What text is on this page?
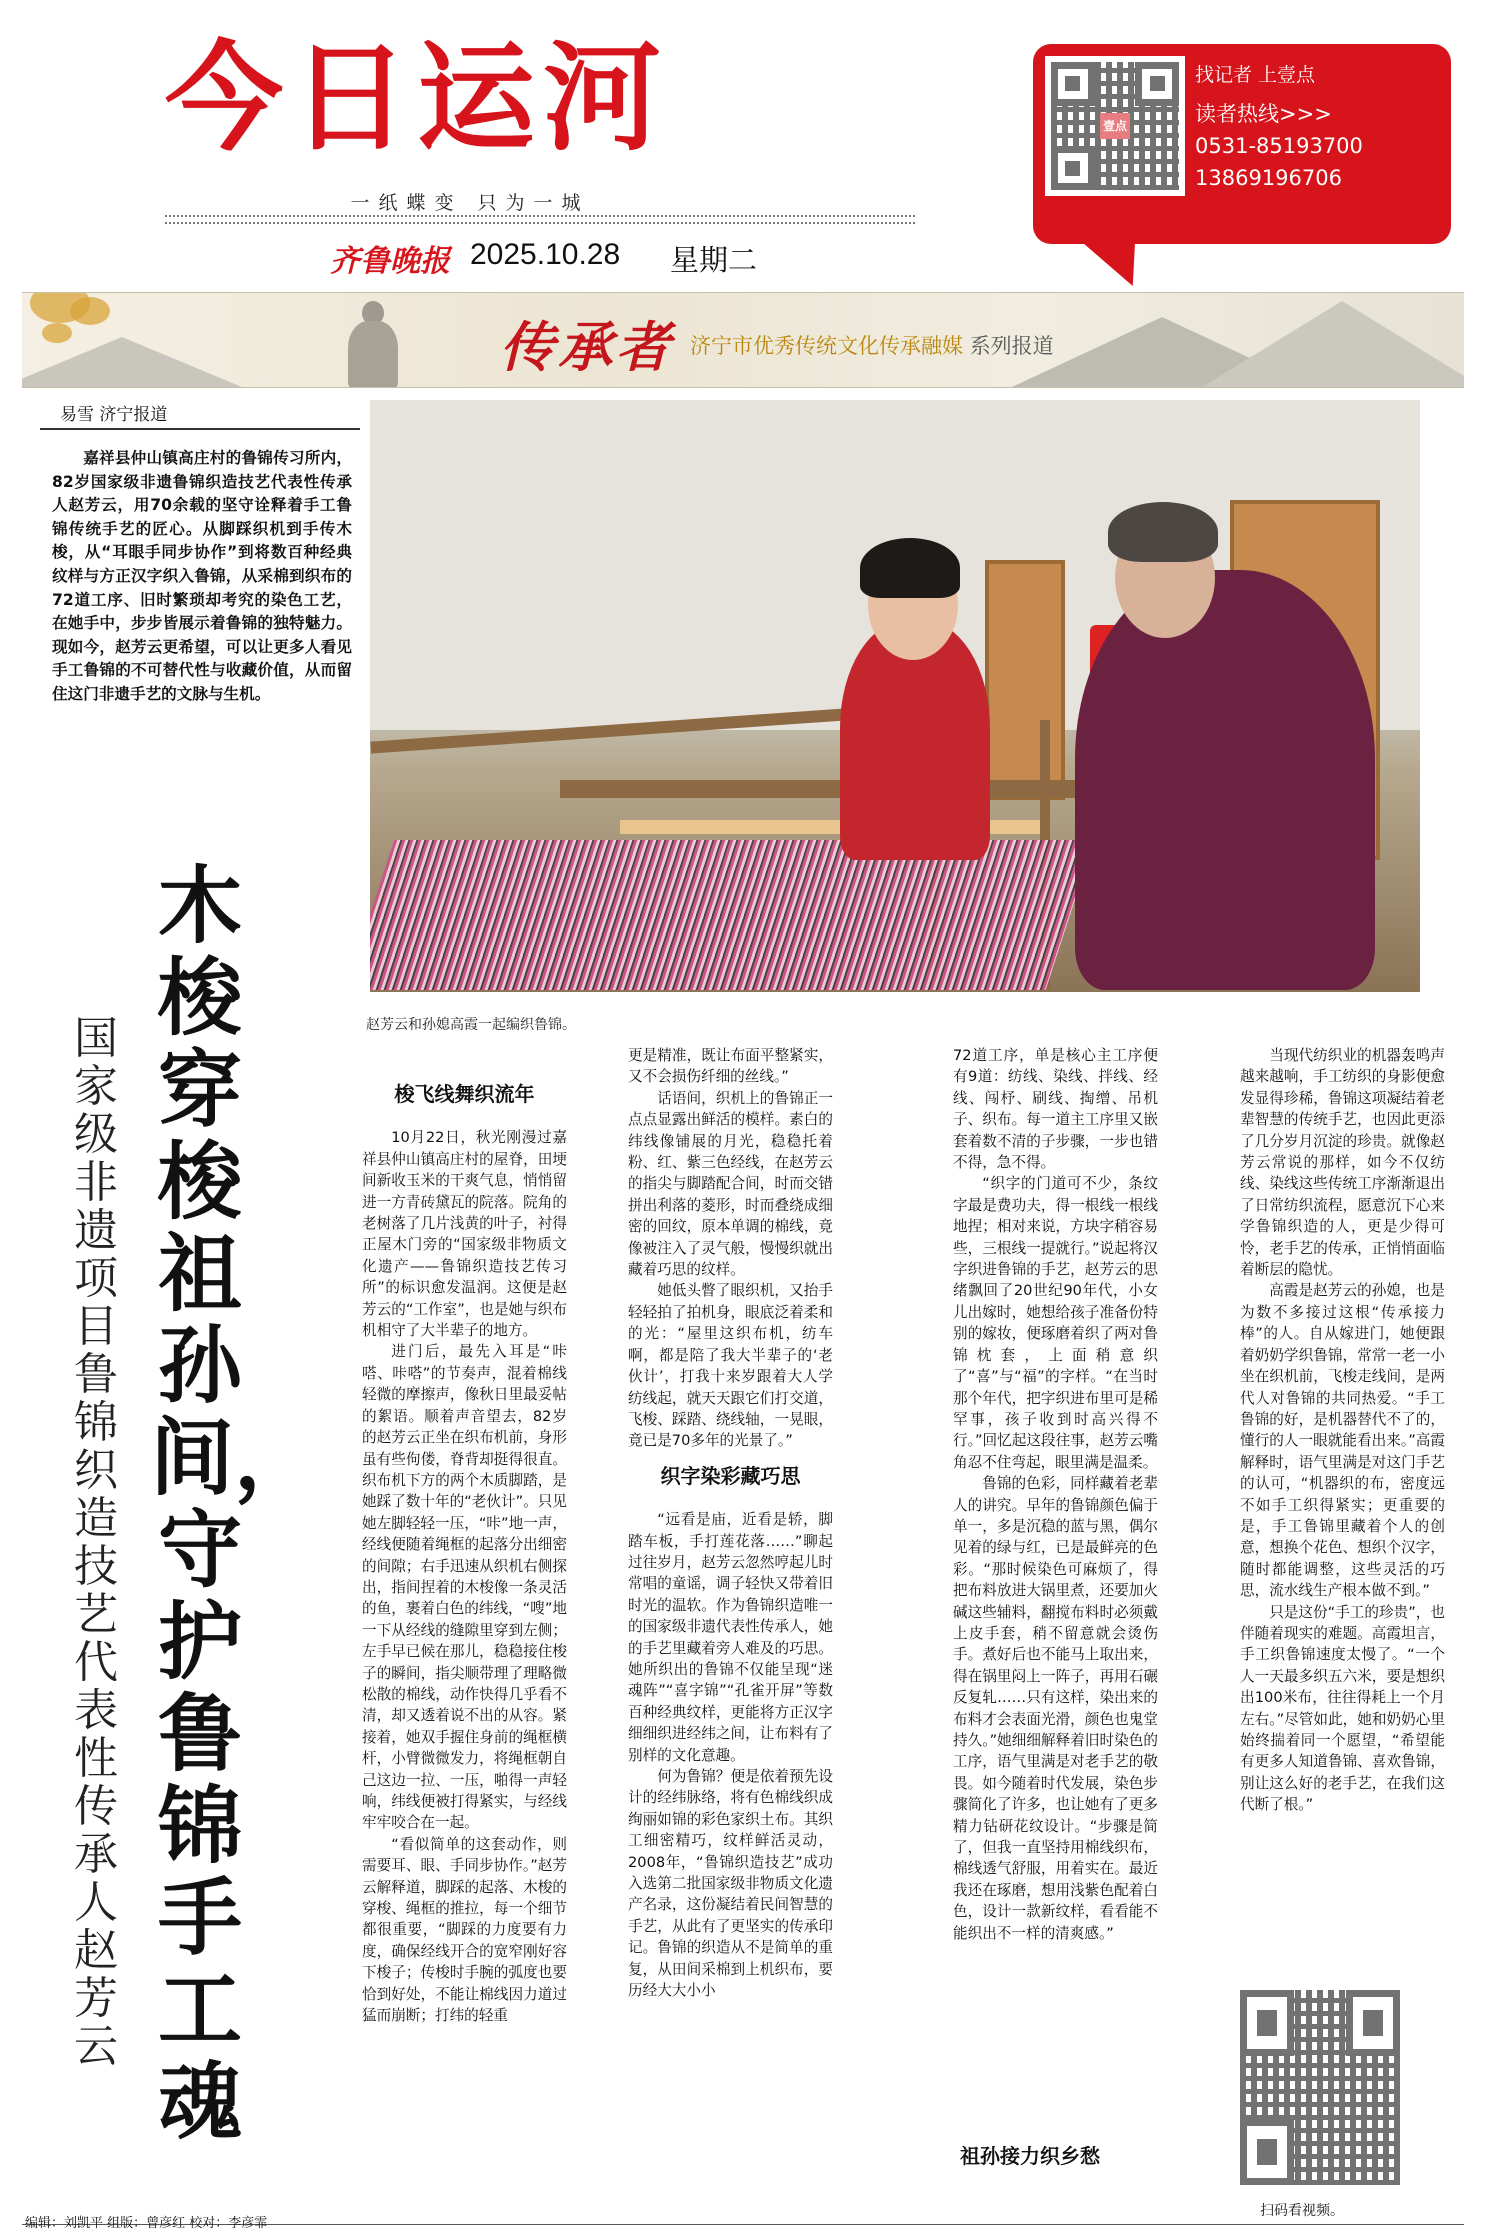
今日运河
一纸蝶变 只为一城
齐鲁晚报 2025.10.28 星期二
壹点
找记者 上壹点
读者热线>>>
0531-85193700
13869196706
传承者 济宁市优秀传统文化传承融媒 系列报道
易雪 济宁报道
嘉祥县仲山镇高庄村的鲁锦传习所内，82岁国家级非遗鲁锦织造技艺代表性传承人赵芳云，用70余载的坚守诠释着手工鲁锦传统手艺的匠心。从脚踩织机到手传木梭，从“耳眼手同步协作”到将数百种经典纹样与方正汉字织入鲁锦，从采棉到织布的72道工序、旧时繁琐却考究的染色工艺，在她手中，步步皆展示着鲁锦的独特魅力。现如今，赵芳云更希望，可以让更多人看见手工鲁锦的不可替代性与收藏价值，从而留住这门非遗手艺的文脉与生机。
赵芳云和孙媳高霞一起编织鲁锦。
木梭穿梭祖孙间，守护鲁锦手工魂
国家级非遗项目鲁锦织造技艺代表性传承人赵芳云
梭飞线舞织流年

10月22日，秋光刚漫过嘉祥县仲山镇高庄村的屋脊，田埂间新收玉米的干爽气息，悄悄留进一方青砖黛瓦的院落。院角的老树落了几片浅黄的叶子，衬得正屋木门旁的“国家级非物质文化遗产——鲁锦织造技艺传习所”的标识愈发温润。这便是赵芳云的“工作室”，也是她与织布机相守了大半辈子的地方。

进门后，最先入耳是“咔嗒、咔嗒”的节奏声，混着棉线轻微的摩擦声，像秋日里最妥帖的絮语。顺着声音望去，82岁的赵芳云正坐在织布机前，身形虽有些佝偻，脊背却挺得很直。织布机下方的两个木质脚踏，是她踩了数十年的“老伙计”。只见她左脚轻轻一压，“咔”地一声，经线便随着绳框的起落分出细密的间隙；右手迅速从织机右侧探出，指间捏着的木梭像一条灵活的鱼，裹着白色的纬线，“嗖”地一下从经线的缝隙里穿到左侧；左手早已候在那儿，稳稳接住梭子的瞬间，指尖顺带理了理略微松散的棉线，动作快得几乎看不清，却又透着说不出的从容。紧接着，她双手握住身前的绳框横杆，小臂微微发力，将绳框朝自己这边一拉、一压，啪得一声轻响，纬线便被打得紧实，与经线牢牢咬合在一起。

“看似简单的这套动作，则需要耳、眼、手同步协作。”赵芳云解释道，脚踩的起落、木梭的穿梭、绳框的推拉，每一个细节都很重要，“脚踩的力度要有力度，确保经线开合的宽窄刚好容下梭子；传梭时手腕的弧度也要恰到好处，不能让棉线因力道过猛而崩断；打纬的轻重

更是精准，既让布面平整紧实，又不会损伤纤细的丝线。”

话语间，织机上的鲁锦正一点点显露出鲜活的模样。素白的纬线像铺展的月光，稳稳托着粉、红、紫三色经线，在赵芳云的指尖与脚踏配合间，时而交错拼出利落的菱形，时而叠绕成细密的回纹，原本单调的棉线，竟像被注入了灵气般，慢慢织就出藏着巧思的纹样。

她低头瞥了眼织机，又抬手轻轻拍了拍机身，眼底泛着柔和的光：“屋里这织布机，纺车啊，都是陪了我大半辈子的‘老伙计’，打我十来岁跟着大人学纺线起，就天天跟它们打交道，飞梭、踩踏、绕线轴，一晃眼，竟已是70多年的光景了。”

织字染彩藏巧思

“远看是庙，近看是轿，脚踏车板，手打莲花落……”聊起过往岁月，赵芳云忽然哼起儿时常唱的童谣，调子轻快又带着旧时光的温软。作为鲁锦织造唯一的国家级非遗代表性传承人，她的手艺里藏着旁人难及的巧思。她所织出的鲁锦不仅能呈现“迷魂阵”“喜字锦”“孔雀开屏”等数百种经典纹样，更能将方正汉字细细织进经纬之间，让布料有了别样的文化意趣。

何为鲁锦？便是依着预先设计的经纬脉络，将有色棉线织成绚丽如锦的彩色家织土布。其织工细密精巧，纹样鲜活灵动，2008年，“鲁锦织造技艺”成功入选第二批国家级非物质文化遗产名录，这份凝结着民间智慧的手艺，从此有了更坚实的传承印记。鲁锦的织造从不是简单的重复，从田间采棉到上机织布，要历经大大小小

72道工序，单是核心主工序便有9道：纺线、染线、拌线、经线、闯杼、刷线、掏缯、吊机子、织布。每一道主工序里又嵌套着数不清的子步骤，一步也错不得，急不得。

“织字的门道可不少，条纹字最是费功夫，得一根线一根线地捏；相对来说，方块字稍容易些，三根线一提就行。”说起将汉字织进鲁锦的手艺，赵芳云的思绪飘回了20世纪90年代，小女儿出嫁时，她想给孩子准备份特别的嫁妆，便琢磨着织了两对鲁锦枕套，上面稍意织了“喜”与“福”的字样。“在当时那个年代，把字织进布里可是稀罕事，孩子收到时高兴得不行。”回忆起这段往事，赵芳云嘴角忍不住弯起，眼里满是温柔。

鲁锦的色彩，同样藏着老辈人的讲究。早年的鲁锦颜色偏于单一，多是沉稳的蓝与黑，偶尔见着的绿与红，已是最鲜亮的色彩。“那时候染色可麻烦了，得把布料放进大锅里煮，还要加火碱这些辅料，翻搅布料时必须戴上皮手套，稍不留意就会烫伤手。煮好后也不能马上取出来，得在锅里闷上一阵子，再用石碾反复轧……只有这样，染出来的布料才会表面光滑，颜色也鬼堂持久。”她细细解释着旧时染色的工序，语气里满是对老手艺的敬畏。如今随着时代发展，染色步骤简化了许多，也让她有了更多精力钻研花纹设计。“步骤是简了，但我一直坚持用棉线织布，棉线透气舒服，用着实在。最近我还在琢磨，想用浅紫色配着白色，设计一款新纹样，看看能不能织出不一样的清爽感。”

祖孙接力织乡愁

当现代纺织业的机器轰鸣声越来越响，手工纺织的身影便愈发显得珍稀，鲁锦这项凝结着老辈智慧的传统手艺，也因此更添了几分岁月沉淀的珍贵。就像赵芳云常说的那样，如今不仅纺线、染线这些传统工序渐渐退出了日常纺织流程，愿意沉下心来学鲁锦织造的人，更是少得可怜，老手艺的传承，正悄悄面临着断层的隐忧。

高霞是赵芳云的孙媳，也是为数不多接过这根“传承接力棒”的人。自从嫁进门，她便跟着奶奶学织鲁锦，常常一老一小坐在织机前，飞梭走线间，是两代人对鲁锦的共同热爱。“手工鲁锦的好，是机器替代不了的，懂行的人一眼就能看出来。”高霞解释时，语气里满是对这门手艺的认可，“机器织的布，密度远不如手工织得紧实；更重要的是，手工鲁锦里藏着个人的创意，想换个花色、想织个汉字，随时都能调整，这些灵活的巧思，流水线生产根本做不到。”

只是这份“手工的珍贵”，也伴随着现实的难题。高霞坦言，手工织鲁锦速度太慢了。“一个人一天最多织五六米，要是想织出100米布，往往得耗上一个月左右。”尽管如此，她和奶奶心里始终揣着同一个愿望，“希望能有更多人知道鲁锦、喜欢鲁锦，别让这么好的老手艺，在我们这代断了根。”

扫码看视频。
编辑：刘凯平 组版：曾彦红 校对：李彦霏
